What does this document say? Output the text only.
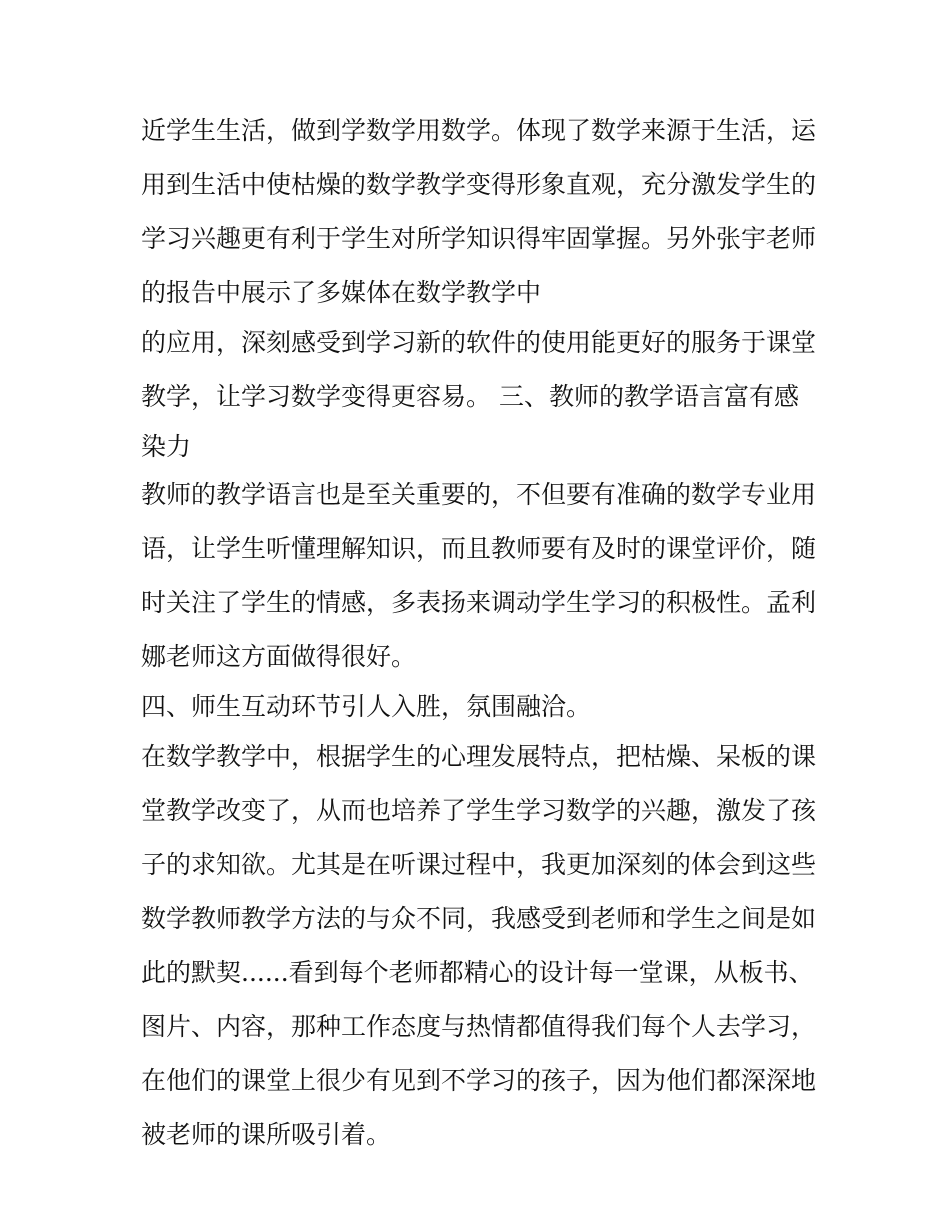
近学生生活，做到学数学用数学。体现了数学来源于生活，运
用到生活中使枯燥的数学教学变得形象直观，充分激发学生的
学习兴趣更有利于学生对所学知识得牢固掌握。另外张宇老师
的报告中展示了多媒体在数学教学中
的应用，深刻感受到学习新的软件的使用能更好的服务于课堂
教学，让学习数学变得更容易。 三、教师的教学语言富有感
染力
教师的教学语言也是至关重要的，不但要有准确的数学专业用
语，让学生听懂理解知识，而且教师要有及时的课堂评价，随
时关注了学生的情感，多表扬来调动学生学习的积极性。孟利
娜老师这方面做得很好。
四、师生互动环节引人入胜，氛围融洽。
在数学教学中，根据学生的心理发展特点，把枯燥、呆板的课
堂教学改变了，从而也培养了学生学习数学的兴趣，激发了孩
子的求知欲。尤其是在听课过程中，我更加深刻的体会到这些
数学教师教学方法的与众不同，我感受到老师和学生之间是如
此的默契......看到每个老师都精心的设计每一堂课，从板书、
图片、内容，那种工作态度与热情都值得我们每个人去学习，
在他们的课堂上很少有见到不学习的孩子，因为他们都深深地
被老师的课所吸引着。
